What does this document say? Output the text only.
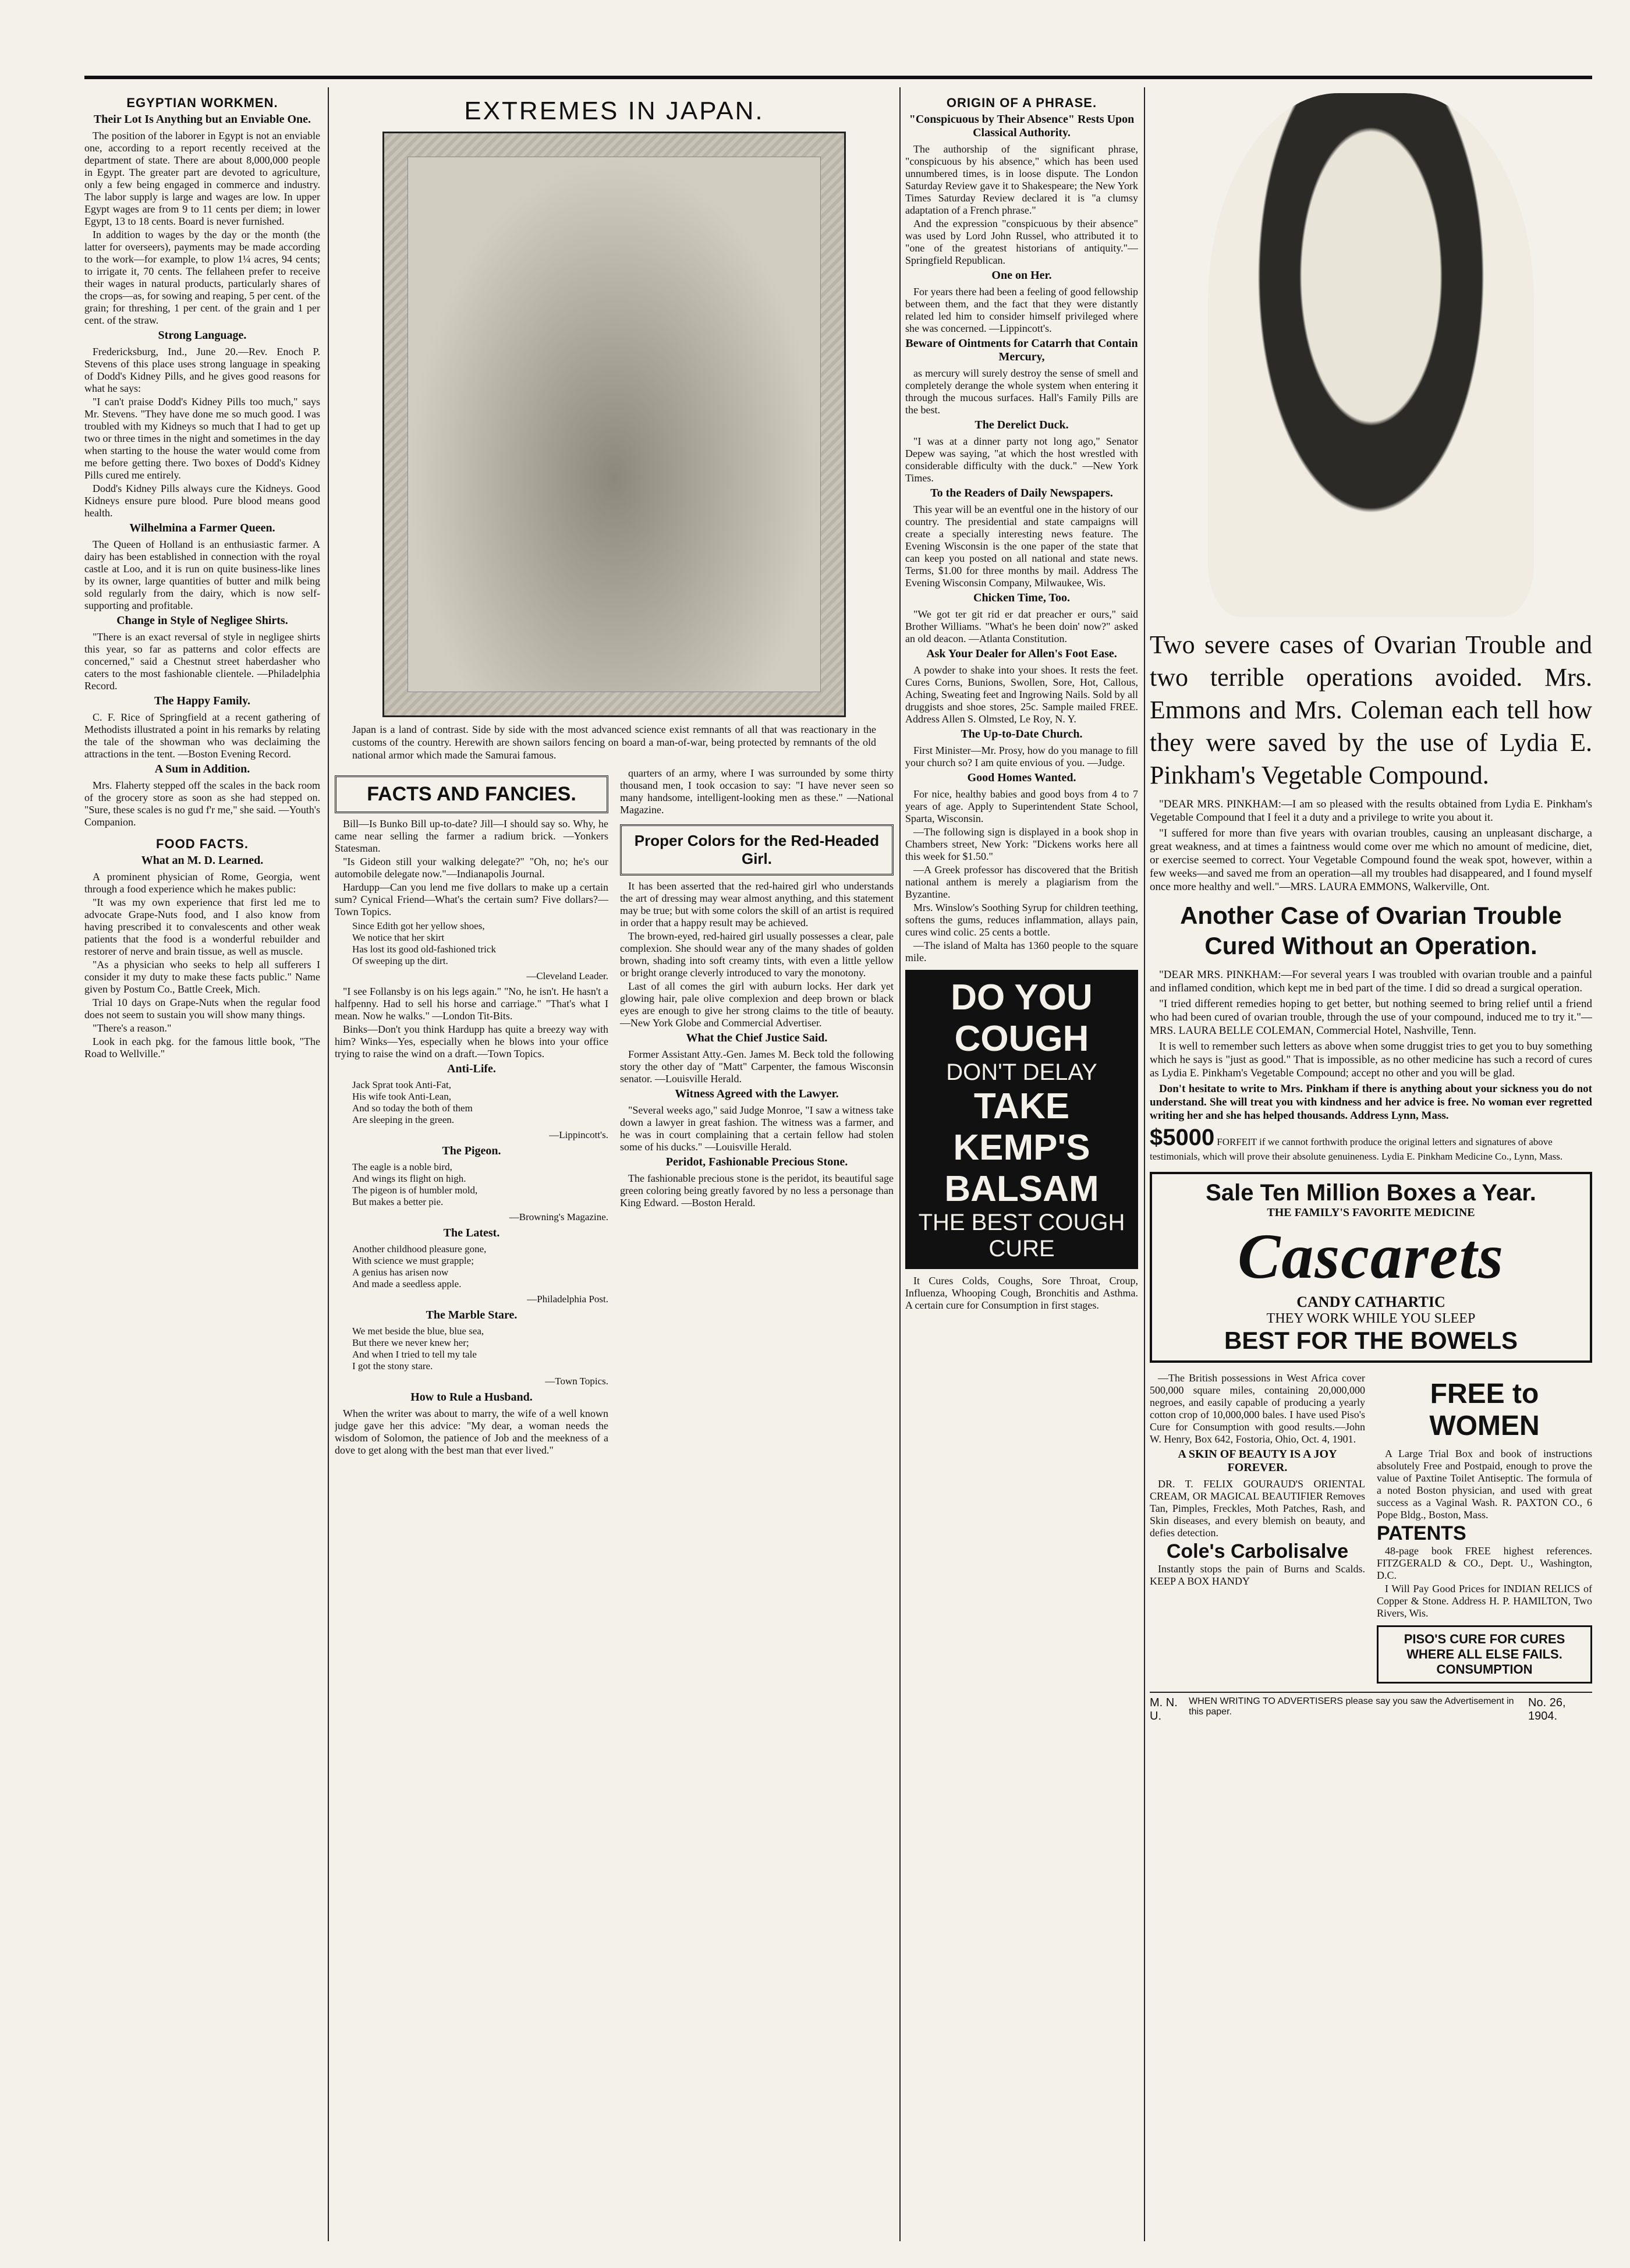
EGYPTIAN WORKMEN.
Their Lot Is Anything but an Enviable One.

The position of the laborer in Egypt is not an enviable one, according to a report recently received at the department of state. There are about 8,000,000 people in Egypt. The greater part are devoted to agriculture, only a few being engaged in commerce and industry. The labor supply is large and wages are low. In upper Egypt wages are from 9 to 11 cents per diem; in lower Egypt, 13 to 18 cents. Board is never furnished.

In addition to wages by the day or the month (the latter for overseers), payments may be made according to the work—for example, to plow 1¼ acres, 94 cents; to irrigate it, 70 cents. The fellaheen prefer to receive their wages in natural products, particularly shares of the crops—as, for sowing and reaping, 5 per cent. of the grain; for threshing, 1 per cent. of the grain and 1 per cent. of the straw.

Strong Language.

Fredericksburg, Ind., June 20.—Rev. Enoch P. Stevens of this place uses strong language in speaking of Dodd's Kidney Pills, and he gives good reasons for what he says:

"I can't praise Dodd's Kidney Pills too much," says Mr. Stevens. "They have done me so much good. I was troubled with my Kidneys so much that I had to get up two or three times in the night and sometimes in the day when starting to the house the water would come from me before getting there. Two boxes of Dodd's Kidney Pills cured me entirely.

Dodd's Kidney Pills always cure the Kidneys. Good Kidneys ensure pure blood. Pure blood means good health.

Wilhelmina a Farmer Queen.

The Queen of Holland is an enthusiastic farmer. A dairy has been established in connection with the royal castle at Loo, and it is run on quite business-like lines by its owner, large quantities of butter and milk being sold regularly from the dairy, which is now self-supporting and profitable.

Change in Style of Negligee Shirts.

"There is an exact reversal of style in negligee shirts this year, so far as patterns and color effects are concerned," said a Chestnut street haberdasher who caters to the most fashionable clientele. —Philadelphia Record.

The Happy Family.

C. F. Rice of Springfield at a recent gathering of Methodists illustrated a point in his remarks by relating the tale of the showman who was declaiming the attractions in the tent. —Boston Evening Record.

A Sum in Addition.

Mrs. Flaherty stepped off the scales in the back room of the grocery store as soon as she had stepped on. "Sure, these scales is no gud f'r me," she said. —Youth's Companion.

FOOD FACTS.
What an M. D. Learned.

A prominent physician of Rome, Georgia, went through a food experience which he makes public:

"It was my own experience that first led me to advocate Grape-Nuts food, and I also know from having prescribed it to convalescents and other weak patients that the food is a wonderful rebuilder and restorer of nerve and brain tissue, as well as muscle.

"As a physician who seeks to help all sufferers I consider it my duty to make these facts public." Name given by Postum Co., Battle Creek, Mich.

Trial 10 days on Grape-Nuts when the regular food does not seem to sustain you will show many things.

"There's a reason."

Look in each pkg. for the famous little book, "The Road to Wellville."

EXTREMES IN JAPAN.

Japan is a land of contrast. Side by side with the most advanced science exist remnants of all that was reactionary in the customs of the country. Herewith are shown sailors fencing on board a man-of-war, being protected by remnants of the old national armor which made the Samurai famous.

FACTS AND FANCIES.

Bill—Is Bunko Bill up-to-date? Jill—I should say so. Why, he came near selling the farmer a radium brick. —Yonkers Statesman.

"Is Gideon still your walking delegate?" "Oh, no; he's our automobile delegate now."—Indianapolis Journal.

Hardupp—Can you lend me five dollars to make up a certain sum? Cynical Friend—What's the certain sum? Five dollars?—Town Topics.

Since Edith got her yellow shoes,
We notice that her skirt
Has lost its good old-fashioned trick
Of sweeping up the dirt.
—Cleveland Leader.

"I see Follansby is on his legs again." "No, he isn't. He hasn't a halfpenny. Had to sell his horse and carriage." "That's what I mean. Now he walks." —London Tit-Bits.

Binks—Don't you think Hardupp has quite a breezy way with him? Winks—Yes, especially when he blows into your office trying to raise the wind on a draft.—Town Topics.

Anti-Life.
Jack Sprat took Anti-Fat,
His wife took Anti-Lean,
And so today the both of them
Are sleeping in the green.
—Lippincott's.
The Pigeon.
The eagle is a noble bird,
And wings its flight on high.
The pigeon is of humbler mold,
But makes a better pie.
—Browning's Magazine.
The Latest.
Another childhood pleasure gone,
With science we must grapple;
A genius has arisen now
And made a seedless apple.
—Philadelphia Post.
The Marble Stare.
We met beside the blue, blue sea,
But there we never knew her;
And when I tried to tell my tale
I got the stony stare.
—Town Topics.
How to Rule a Husband.

When the writer was about to marry, the wife of a well known judge gave her this advice: "My dear, a woman needs the wisdom of Solomon, the patience of Job and the meekness of a dove to get along with the best man that ever lived."

quarters of an army, where I was surrounded by some thirty thousand men, I took occasion to say: "I have never seen so many handsome, intelligent-looking men as these." —National Magazine.

Proper Colors for the Red-Headed Girl.

It has been asserted that the red-haired girl who understands the art of dressing may wear almost anything, and this statement may be true; but with some colors the skill of an artist is required in order that a happy result may be achieved.

The brown-eyed, red-haired girl usually possesses a clear, pale complexion. She should wear any of the many shades of golden brown, shading into soft creamy tints, with even a little yellow or bright orange cleverly introduced to vary the monotony.

Last of all comes the girl with auburn locks. Her dark yet glowing hair, pale olive complexion and deep brown or black eyes are enough to give her strong claims to the title of beauty. —New York Globe and Commercial Advertiser.

What the Chief Justice Said.

Former Assistant Atty.-Gen. James M. Beck told the following story the other day of "Matt" Carpenter, the famous Wisconsin senator. —Louisville Herald.

Witness Agreed with the Lawyer.

"Several weeks ago," said Judge Monroe, "I saw a witness take down a lawyer in great fashion. The witness was a farmer, and he was in court complaining that a certain fellow had stolen some of his ducks." —Louisville Herald.

Peridot, Fashionable Precious Stone.

The fashionable precious stone is the peridot, its beautiful sage green coloring being greatly favored by no less a personage than King Edward. —Boston Herald.

ORIGIN OF A PHRASE.
"Conspicuous by Their Absence" Rests Upon Classical Authority.

The authorship of the significant phrase, "conspicuous by his absence," which has been used unnumbered times, is in loose dispute. The London Saturday Review gave it to Shakespeare; the New York Times Saturday Review declared it is "a clumsy adaptation of a French phrase."

And the expression "conspicuous by their absence" was used by Lord John Russel, who attributed it to "one of the greatest historians of antiquity."—Springfield Republican.

One on Her.

For years there had been a feeling of good fellowship between them, and the fact that they were distantly related led him to consider himself privileged where she was concerned. —Lippincott's.

Beware of Ointments for Catarrh that Contain Mercury,

as mercury will surely destroy the sense of smell and completely derange the whole system when entering it through the mucous surfaces. Hall's Family Pills are the best.

The Derelict Duck.

"I was at a dinner party not long ago," Senator Depew was saying, "at which the host wrestled with considerable difficulty with the duck." —New York Times.

To the Readers of Daily Newspapers.

This year will be an eventful one in the history of our country. The presidential and state campaigns will create a specially interesting news feature. The Evening Wisconsin is the one paper of the state that can keep you posted on all national and state news. Terms, $1.00 for three months by mail. Address The Evening Wisconsin Company, Milwaukee, Wis.

Chicken Time, Too.

"We got ter git rid er dat preacher er ours," said Brother Williams. "What's he been doin' now?" asked an old deacon. —Atlanta Constitution.

Ask Your Dealer for Allen's Foot Ease.

A powder to shake into your shoes. It rests the feet. Cures Corns, Bunions, Swollen, Sore, Hot, Callous, Aching, Sweating feet and Ingrowing Nails. Sold by all druggists and shoe stores, 25c. Sample mailed FREE. Address Allen S. Olmsted, Le Roy, N. Y.

The Up-to-Date Church.

First Minister—Mr. Prosy, how do you manage to fill your church so? I am quite envious of you. —Judge.

Good Homes Wanted.

For nice, healthy babies and good boys from 4 to 7 years of age. Apply to Superintendent State School, Sparta, Wisconsin.

—The following sign is displayed in a book shop in Chambers street, New York: "Dickens works here all this week for $1.50."

—A Greek professor has discovered that the British national anthem is merely a plagiarism from the Byzantine.

Mrs. Winslow's Soothing Syrup for children teething, softens the gums, reduces inflammation, allays pain, cures wind colic. 25 cents a bottle.

—The island of Malta has 1360 people to the square mile.

DO YOU COUGH
DON'T DELAY
TAKE KEMP'S BALSAM
THE BEST COUGH CURE

It Cures Colds, Coughs, Sore Throat, Croup, Influenza, Whooping Cough, Bronchitis and Asthma. A certain cure for Consumption in first stages.

Two severe cases of Ovarian Trouble and two terrible operations avoided. Mrs. Emmons and Mrs. Coleman each tell how they were saved by the use of Lydia E. Pinkham's Vegetable Compound.

"DEAR MRS. PINKHAM:—I am so pleased with the results obtained from Lydia E. Pinkham's Vegetable Compound that I feel it a duty and a privilege to write you about it.

"I suffered for more than five years with ovarian troubles, causing an unpleasant discharge, a great weakness, and at times a faintness would come over me which no amount of medicine, diet, or exercise seemed to correct. Your Vegetable Compound found the weak spot, however, within a few weeks—and saved me from an operation—all my troubles had disappeared, and I found myself once more healthy and well."—MRS. LAURA EMMONS, Walkerville, Ont.

Another Case of Ovarian Trouble Cured Without an Operation.

"DEAR MRS. PINKHAM:—For several years I was troubled with ovarian trouble and a painful and inflamed condition, which kept me in bed part of the time. I did so dread a surgical operation.

"I tried different remedies hoping to get better, but nothing seemed to bring relief until a friend who had been cured of ovarian trouble, through the use of your compound, induced me to try it."—MRS. LAURA BELLE COLEMAN, Commercial Hotel, Nashville, Tenn.

It is well to remember such letters as above when some druggist tries to get you to buy something which he says is "just as good." That is impossible, as no other medicine has such a record of cures as Lydia E. Pinkham's Vegetable Compound; accept no other and you will be glad.

Don't hesitate to write to Mrs. Pinkham if there is anything about your sickness you do not understand. She will treat you with kindness and her advice is free. No woman ever regretted writing her and she has helped thousands. Address Lynn, Mass.

$5000 FORFEIT if we cannot forthwith produce the original letters and signatures of above testimonials, which will prove their absolute genuineness. Lydia E. Pinkham Medicine Co., Lynn, Mass.
Sale Ten Million Boxes a Year.
THE FAMILY'S FAVORITE MEDICINE
Cascarets
CANDY CATHARTIC
THEY WORK WHILE YOU SLEEP
BEST FOR THE BOWELS

—The British possessions in West Africa cover 500,000 square miles, containing 20,000,000 negroes, and easily capable of producing a yearly cotton crop of 10,000,000 bales. I have used Piso's Cure for Consumption with good results.—John W. Henry, Box 642, Fostoria, Ohio, Oct. 4, 1901.

A SKIN OF BEAUTY IS A JOY FOREVER.

DR. T. FELIX GOURAUD'S ORIENTAL CREAM, OR MAGICAL BEAUTIFIER Removes Tan, Pimples, Freckles, Moth Patches, Rash, and Skin diseases, and every blemish on beauty, and defies detection.

Cole's Carbolisalve

Instantly stops the pain of Burns and Scalds. KEEP A BOX HANDY

FREE to WOMEN

A Large Trial Box and book of instructions absolutely Free and Postpaid, enough to prove the value of Paxtine Toilet Antiseptic. The formula of a noted Boston physician, and used with great success as a Vaginal Wash. R. PAXTON CO., 6 Pope Bldg., Boston, Mass.

PATENTS

48-page book FREE highest references. FITZGERALD & CO., Dept. U., Washington, D.C.

I Will Pay Good Prices for INDIAN RELICS of Copper & Stone. Address H. P. HAMILTON, Two Rivers, Wis.

PISO'S CURE FOR CURES WHERE ALL ELSE FAILS. CONSUMPTION
M. N. U.
WHEN WRITING TO ADVERTISERS please say you saw the Advertisement in this paper.
No. 26, 1904.
